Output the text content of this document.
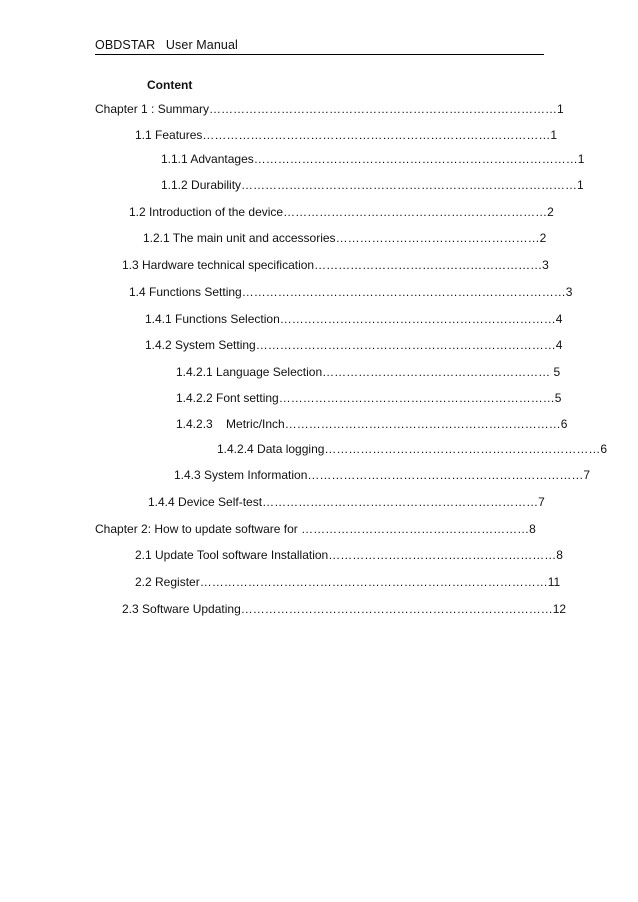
OBDSTAR User Manual
Content
Chapter 1 : Summary……………………………………………………………………………1
1.1 Features……………………………………………………………………………1
1.1.1 Advantages………………………………………………………………………1
1.1.2 Durability…………………………………………………………………………1
1.2 Introduction of the device…………………………………………………………2
1.2.1 The main unit and accessories……………………………………………2
1.3 Hardware technical specification…………………………………………………3
1.4 Functions Setting………………………………………………………………………3
1.4.1 Functions Selection……………………………………………………………4
1.4.2 System Setting…………………………………………………………………4
1.4.2.1 Language Selection………………………………………………… 5
1.4.2.2 Font setting……………………………………………………………5
1.4.2.3    Metric/Inch……………………………………………………………6
1.4.2.4 Data logging……………………………………………………………6
1.4.3 System Information……………………………………………………………7
1.4.4 Device Self-test……………………………………………………………7
Chapter 2: How to update software for …………………………………………………8
2.1 Update Tool software Installation…………………………………………………8
2.2 Register……………………………………………………………………………11
2.3 Software Updating……………………………………………………………………12
